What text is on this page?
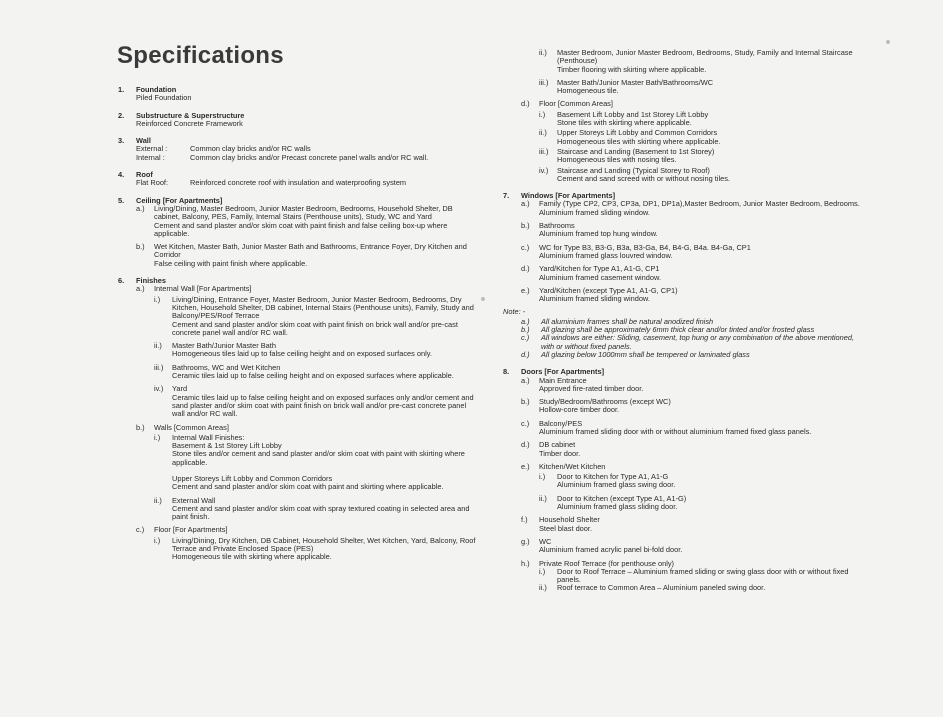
Specifications
1. Foundation
Piled Foundation
2. Substructure & Superstructure
Reinforced Concrete Framework
3. Wall
External :	Common clay bricks and/or RC walls
Internal :	Common clay bricks and/or Precast concrete panel walls and/or RC wall.
4. Roof
Flat Roof:	Reinforced concrete roof with insulation and waterproofing system
5. Ceiling [For Apartments]
a.) Living/Dining, Master Bedroom, Junior Master Bedroom, Bedrooms, Household Shelter, DB cabinet, Balcony, PES, Family, Internal Stairs (Penthouse units), Study, WC and Yard
Cement and sand plaster and/or skim coat with paint finish and false ceiling box-up where applicable.
b.) Wet Kitchen, Master Bath, Junior Master Bath and Bathrooms, Entrance Foyer, Dry Kitchen and Corridor
False ceiling with paint finish where applicable.
6. Finishes
a.) Internal Wall [For Apartments]
i.) Living/Dining, Entrance Foyer, Master Bedroom, Junior Master Bedroom, Bedrooms, Dry Kitchen, Household Shelter, DB cabinet, Internal Stairs (Penthouse units), Family, Study and Balcony/PES/Roof Terrace
Cement and sand plaster and/or skim coat with paint finish on brick wall and/or pre-cast concrete panel wall and/or RC wall.
ii.) Master Bath/Junior Master Bath
Homogeneous tiles laid up to false ceiling height and on exposed surfaces only.
iii.) Bathrooms, WC and Wet Kitchen
Ceramic tiles laid up to false ceiling height and on exposed surfaces where applicable.
iv.) Yard
Ceramic tiles laid up to false ceiling height and on exposed surfaces only and/or cement and sand plaster and/or skim coat with paint finish on brick wall and/or pre-cast concrete panel wall and/or RC wall.
b.) Walls [Common Areas]
i.) Internal Wall Finishes:
Basement & 1st Storey Lift Lobby
Stone tiles and/or cement and sand plaster and/or skim coat with paint with skirting where applicable.
Upper Storeys Lift Lobby and Common Corridors
Cement and sand plaster and/or skim coat with paint and skirting where applicable.
ii.) External Wall
Cement and sand plaster and/or skim coat with spray textured coating in selected area and paint finish.
c.) Floor [For Apartments]
i.) Living/Dining, Dry Kitchen, DB Cabinet, Household Shelter, Wet Kitchen, Yard, Balcony, Roof Terrace and Private Enclosed Space (PES)
Homogeneous tile with skirting where applicable.
ii.) Master Bedroom, Junior Master Bedroom, Bedrooms, Study, Family and Internal Staircase (Penthouse)
Timber flooring with skirting where applicable.
iii.) Master Bath/Junior Master Bath/Bathrooms/WC
Homogeneous tile.
d.) Floor [Common Areas]
i.) Basement Lift Lobby and 1st Storey Lift Lobby
Stone tiles with skirting where applicable.
ii.) Upper Storeys Lift Lobby and Common Corridors
Homogeneous tiles with skirting where applicable.
iii.) Staircase and Landing (Basement to 1st Storey)
Homogeneous tiles with nosing tiles.
iv.) Staircase and Landing (Typical Storey to Roof)
Cement and sand screed with or without nosing tiles.
7. Windows [For Apartments]
a.) Family (Type CP2, CP3, CP3a, DP1, DP1a),Master Bedroom, Junior Master Bedroom, Bedrooms.
Aluminium framed sliding window.
b.) Bathrooms
Aluminium framed top hung window.
c.) WC for Type B3, B3-G, B3a, B3-Ga, B4, B4-G, B4a. B4-Ga, CP1
Aluminium framed glass louvred window.
d.) Yard/Kitchen for Type A1, A1-G, CP1
Aluminium framed casement window.
e.) Yard/Kitchen (except Type A1, A1-G, CP1)
Aluminium framed sliding window.
Note: -
a.) All aluminium frames shall be natural anodized finish
b.) All glazing shall be approximately 6mm thick clear and/or tinted and/or frosted glass
c.) All windows are either: Sliding, casement, top hung or any combination of the above mentioned, with or without fixed panels.
d.) All glazing below 1000mm shall be tempered or laminated glass
8. Doors [For Apartments]
a.) Main Entrance
Approved fire-rated timber door.
b.) Study/Bedroom/Bathrooms (except WC)
Hollow-core timber door.
c.) Balcony/PES
Aluminium framed sliding door with or without aluminium framed fixed glass panels.
d.) DB cabinet
Timber door.
e.) Kitchen/Wet Kitchen
i.) Door to Kitchen for Type A1, A1-G
Aluminium framed glass swing door.
ii.) Door to Kitchen (except Type A1, A1-G)
Aluminium framed glass sliding door.
f.) Household Shelter
Steel blast door.
g.) WC
Aluminium framed acrylic panel bi-fold door.
h.) Private Roof Terrace (for penthouse only)
i.) Door to Roof Terrace – Aluminium framed sliding or swing glass door with or without fixed panels.
ii.) Roof terrace to Common Area – Aluminium paneled swing door.
